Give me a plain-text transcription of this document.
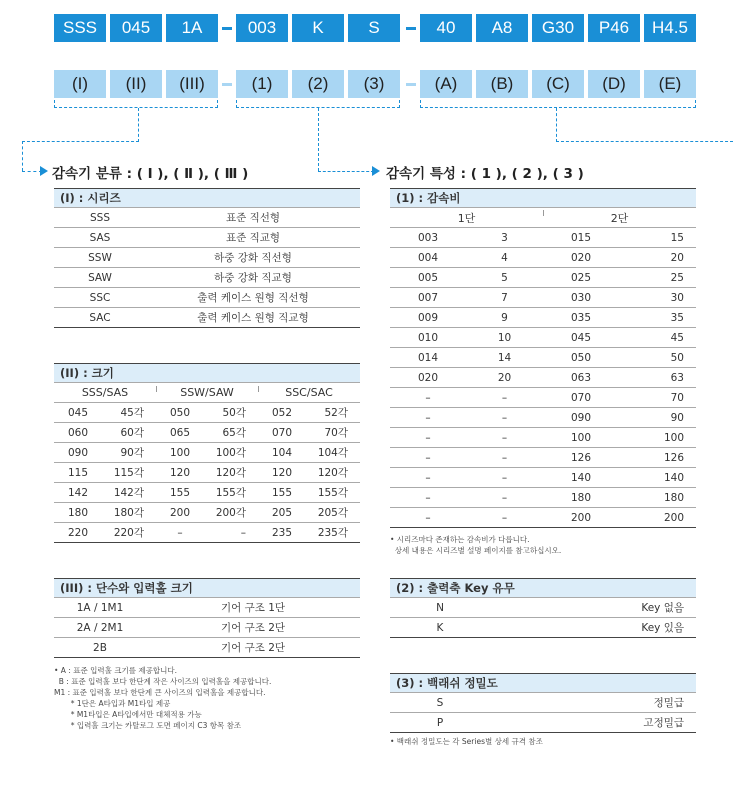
SSS	045	1A	003	K	S	40	A8	G30	P46	H4.5
(I)	(II)	(III)	(1)	(2)	(3)	(A)	(B)	(C)	(D)	(E)
감속기 분류 : ( Ⅰ ), ( Ⅱ ), ( Ⅲ )	감속기 특성 : ( 1 ), ( 2 ), ( 3 )
(I) : 시리즈
SSS	표준 직선형
SAS	표준 직교형
SSW	하중 강화 직선형
SAW	하중 강화 직교형
SSC	출력 케이스 원형 직선형
SAC	출력 케이스 원형 직교형
(II) : 크기
SSS/SAS	SSW/SAW	SSC/SAC
045	45각	050	50각	052	52각
060	60각	065	65각	070	70각
090	90각	100	100각	104	104각
115	115각	120	120각	120	120각
142	142각	155	155각	155	155각
180	180각	200	200각	205	205각
220	220각	–	–	235	235각
(III) : 단수와 입력홀 크기
1A / 1M1	기어 구조 1단
2A / 2M1	기어 구조 2단
2B	기어 구조 2단
• A : 표준 입력홀 크기를 제공합니다.
B : 표준 입력홀 보다 한단계 작은 사이즈의 입력홀을 제공합니다.
M1 : 표준 입력홀 보다 한단계 큰 사이즈의 입력홀을 제공합니다.
* 1단은 A타입과 M1타입 제공
* M1타입은 A타입에서만 대체적용 가능
* 입력홀 크기는 카탈로그 도면 페이지 C3 항목 참조
(1) : 감속비
1단	2단
003	3	015	15
004	4	020	20
005	5	025	25
007	7	030	30
009	9	035	35
010	10	045	45
014	14	050	50
020	20	063	63
–	–	070	70
–	–	090	90
–	–	100	100
–	–	126	126
–	–	140	140
–	–	180	180
–	–	200	200
• 시리즈마다 존재하는 감속비가 다릅니다.
상세 내용은 시리즈별 설명 페이지를 참고하십시오.
(2) : 출력축 Key 유무
N	Key 없음
K	Key 있음
(3) : 백래쉬 정밀도
S	정밀급
P	고정밀급
• 백래쉬 정밀도는 각 Series별 상세 규격 참조
